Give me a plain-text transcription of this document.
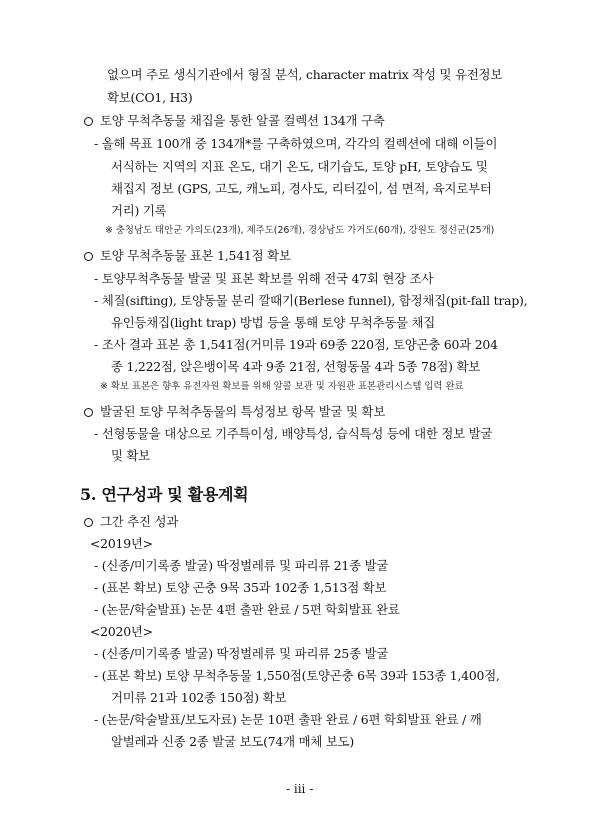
없으며 주로 생식기관에서 형질 분석, character matrix 작성 및 유전정보
확보(CO1, H3)
토양 무척추동물 채집을 통한 알콜 컬렉션 134개 구축
- 올해 목표 100개 중 134개*를 구축하였으며, 각각의 컬렉션에 대해 이들이
서식하는 지역의 지표 온도, 대기 온도, 대기습도, 토양 pH, 토양습도 및
채집지 정보 (GPS, 고도, 캐노피, 경사도, 리터깊이, 섬 면적, 육지로부터
거리) 기록
※ 충청남도 태안군 가의도(23개), 제주도(26개), 경상남도 가거도(60개), 강원도 정선군(25개)
토양 무척추동물 표본 1,541점 확보
- 토양무척추동물 발굴 및 표본 확보를 위해 전국 47회 현장 조사
- 체질(sifting), 토양동물 분리 깔때기(Berlese funnel), 함정채집(pit-fall trap),
유인등채집(light trap) 방법 등을 통해 토양 무척추동물 채집
- 조사 결과 표본 총 1,541점(거미류 19과 69종 220점, 토양곤충 60과 204
종 1,222점, 앉은뱅이목 4과 9종 21점, 선형동물 4과 5종 78점) 확보
※ 확보 표본은 향후 유전자원 확보를 위해 알콜 보관 및 자원관 표본관리시스템 입력 완료
발굴된 토양 무척추동물의 특성정보 항목 발굴 및 확보
- 선형동물을 대상으로 기주특이성, 배양특성, 습식특성 등에 대한 정보 발굴
및 확보
5. 연구성과 및 활용계획
그간 추진 성과
<2019년>
- (신종/미기록종 발굴) 딱정벌레류 및 파리류 21종 발굴
- (표본 확보) 토양 곤충 9목 35과 102종 1,513점 확보
- (논문/학술발표) 논문 4편 출판 완료 / 5편 학회발표 완료
<2020년>
- (신종/미기록종 발굴) 딱정벌레류 및 파리류 25종 발굴
- (표본 확보) 토양 무척추동물 1,550점(토양곤충 6목 39과 153종 1,400점,
거미류 21과 102종 150점) 확보
- (논문/학술발표/보도자료) 논문 10편 출판 완료 / 6편 학회발표 완료 / 깨
알벌레과 신종 2종 발굴 보도(74개 매체 보도)
- iii -
